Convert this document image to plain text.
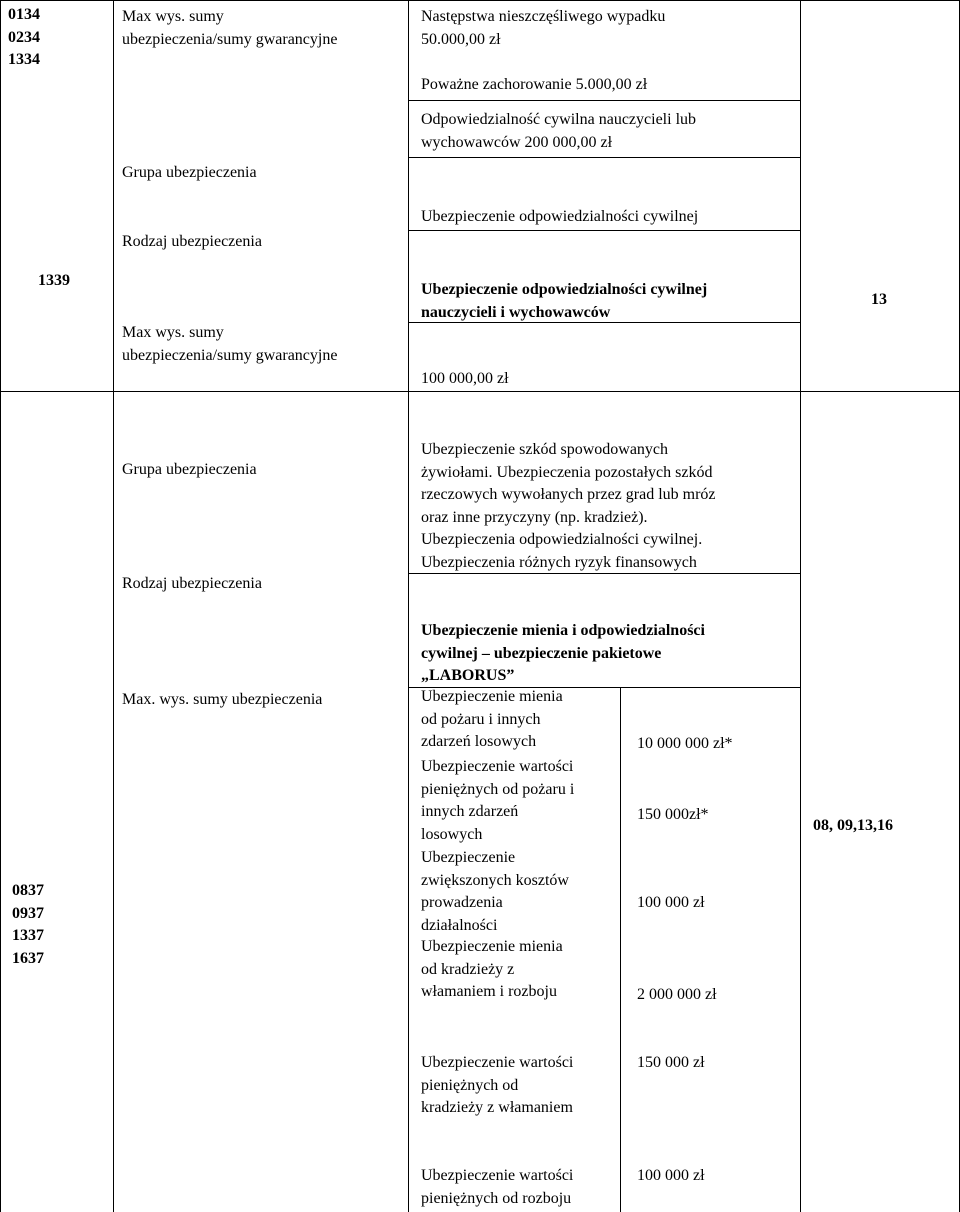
0134
0234
1334
Max wys. sumy
ubezpieczenia/sumy gwarancyjne
Następstwa nieszczęśliwego wypadku
50.000,00 zł
Poważne zachorowanie 5.000,00 zł
Odpowiedzialność cywilna nauczycieli lub
wychowawców 200 000,00 zł
Grupa ubezpieczenia
Rodzaj ubezpieczenia
1339
Max wys. sumy
ubezpieczenia/sumy gwarancyjne
Ubezpieczenie odpowiedzialności cywilnej
Ubezpieczenie odpowiedzialności cywilnej
nauczycieli i wychowawców
100 000,00 zł
13
Grupa ubezpieczenia
Rodzaj ubezpieczenia
Max. wys. sumy ubezpieczenia
0837
0937
1337
1637
Ubezpieczenie szkód spowodowanych
żywiołami. Ubezpieczenia pozostałych szkód
rzeczowych wywołanych przez grad lub mróz
oraz inne przyczyny (np. kradzież).
Ubezpieczenia odpowiedzialności cywilnej.
Ubezpieczenia różnych ryzyk finansowych
Ubezpieczenie mienia i odpowiedzialności
cywilnej – ubezpieczenie pakietowe
„LABORUS”
Ubezpieczenie mienia
od pożaru i innych
zdarzeń losowych	10 000 000 zł*
Ubezpieczenie wartości
pieniężnych od pożaru i
innych zdarzeń
losowych
150 000zł*
Ubezpieczenie
zwiększonych kosztów
prowadzenia
działalności
100 000 zł
Ubezpieczenie mienia
od kradzieży z
włamaniem i rozboju	2 000 000 zł
Ubezpieczenie wartości
pieniężnych od
kradzieży z włamaniem
150 000 zł
Ubezpieczenie wartości
pieniężnych od rozboju
100 000 zł
08, 09,13,16
